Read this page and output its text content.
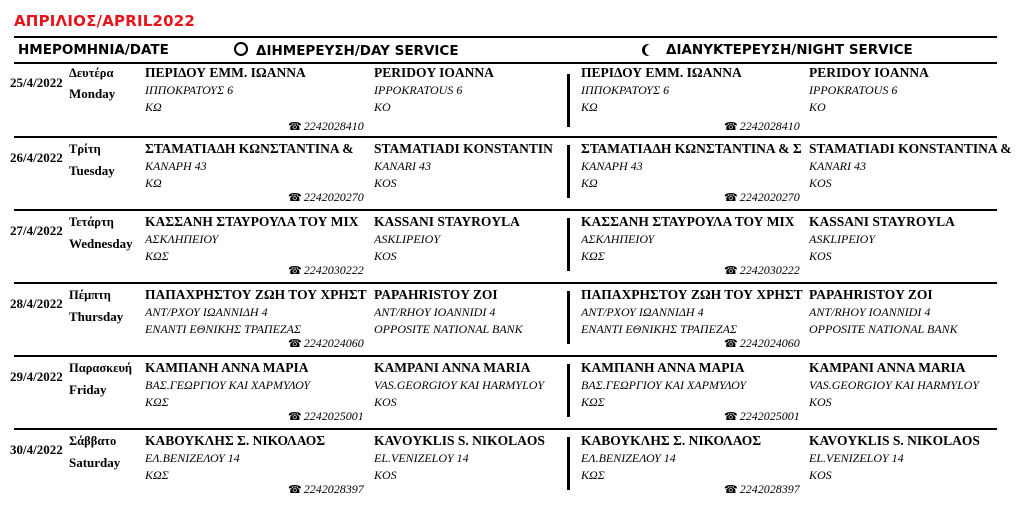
ΑΠΡΙΛΙΟΣ/APRIL2022
ΗΜΕΡΟΜΗΝΙΑ/DATE	ΔΙΗΜΕΡΕΥΣΗ/DAY SERVICE	ΔΙΑΝΥΚΤΕΡΕΥΣΗ/NIGHT SERVICE
25/4/2022
Δευτέρα
Monday
ΠΕΡΙΔΟΥ ΕΜΜ. ΙΩΑΝΝΑ
ΙΠΠΟΚΡΑΤΟΥΣ 6
ΚΩ
PERIDOY IOANNA
IPPOKRATOUS 6
KO
☎ 2242028410
ΠΕΡΙΔΟΥ ΕΜΜ. ΙΩΑΝΝΑ
ΙΠΠΟΚΡΑΤΟΥΣ 6
ΚΩ
PERIDOY IOANNA
IPPOKRATOUS 6
KO
☎ 2242028410
26/4/2022
Τρίτη
Tuesday
ΣΤΑΜΑΤΙΑΔΗ ΚΩΝΣΤΑΝΤΙΝΑ &
ΚΑΝΑΡΗ 43
ΚΩ
STAMATIADI KONSTANTIN
KANARI 43
KOS
☎ 2242020270
ΣΤΑΜΑΤΙΑΔΗ ΚΩΝΣΤΑΝΤΙΝΑ & Σ
ΚΑΝΑΡΗ 43
ΚΩ
STAMATIADI KONSTANTINA &
KANARI 43
KOS
☎ 2242020270
27/4/2022
Τετάρτη
Wednesday
ΚΑΣΣΑΝΗ ΣΤΑΥΡΟΥΛΑ ΤΟΥ ΜΙΧ
ΑΣΚΛΗΠΕΙΟΥ
ΚΩΣ
KASSANI STAYROYLA
ASKLIPEIOY
KOS
☎ 2242030222
ΚΑΣΣΑΝΗ ΣΤΑΥΡΟΥΛΑ ΤΟΥ ΜΙΧ
ΑΣΚΛΗΠΕΙΟΥ
ΚΩΣ
KASSANI STAYROYLA
ASKLIPEIOY
KOS
☎ 2242030222
28/4/2022
Πέμπτη
Thursday
ΠΑΠΑΧΡΗΣΤΟΥ ΖΩΗ ΤΟΥ ΧΡΗΣΤ
ΑΝΤ/ΡΧΟΥ ΙΩΑΝΝΙΔΗ 4
ΕΝΑΝΤΙ ΕΘΝΙΚΗΣ ΤΡΑΠΕΖΑΣ
PAPAHRISTOY ZOI
ANT/RHOY IOANNIDI 4
OPPOSITE NATIONAL BANK
☎ 2242024060
ΠΑΠΑΧΡΗΣΤΟΥ ΖΩΗ ΤΟΥ ΧΡΗΣΤ
ΑΝΤ/ΡΧΟΥ ΙΩΑΝΝΙΔΗ 4
ΕΝΑΝΤΙ ΕΘΝΙΚΗΣ ΤΡΑΠΕΖΑΣ
PAPAHRISTOY ZOI
ANT/RHOY IOANNIDI 4
OPPOSITE NATIONAL BANK
☎ 2242024060
29/4/2022
Παρασκευή
Friday
ΚΑΜΠΑΝΗ ΑΝΝΑ ΜΑΡΙΑ
ΒΑΣ.ΓΕΩΡΓΙΟΥ ΚΑΙ ΧΑΡΜΥΛΟΥ
ΚΩΣ
KAMPANI ANNA MARIA
VAS.GEORGIOY KAI HARMYLOY
KOS
☎ 2242025001
ΚΑΜΠΑΝΗ ΑΝΝΑ ΜΑΡΙΑ
ΒΑΣ.ΓΕΩΡΓΙΟΥ ΚΑΙ ΧΑΡΜΥΛΟΥ
ΚΩΣ
KAMPANI ANNA MARIA
VAS.GEORGIOY KAI HARMYLOY
KOS
☎ 2242025001
30/4/2022
Σάββατο
Saturday
ΚΑΒΟΥΚΛΗΣ Σ. ΝΙΚΟΛΑΟΣ
ΕΛ.ΒΕΝΙΖΕΛΟΥ 14
ΚΩΣ
KAVOYKLIS S. NIKOLAOS
EL.VENIZELOY 14
KOS
☎ 2242028397
ΚΑΒΟΥΚΛΗΣ Σ. ΝΙΚΟΛΑΟΣ
ΕΛ.ΒΕΝΙΖΕΛΟΥ 14
ΚΩΣ
KAVOYKLIS S. NIKOLAOS
EL.VENIZELOY 14
KOS
☎ 2242028397
